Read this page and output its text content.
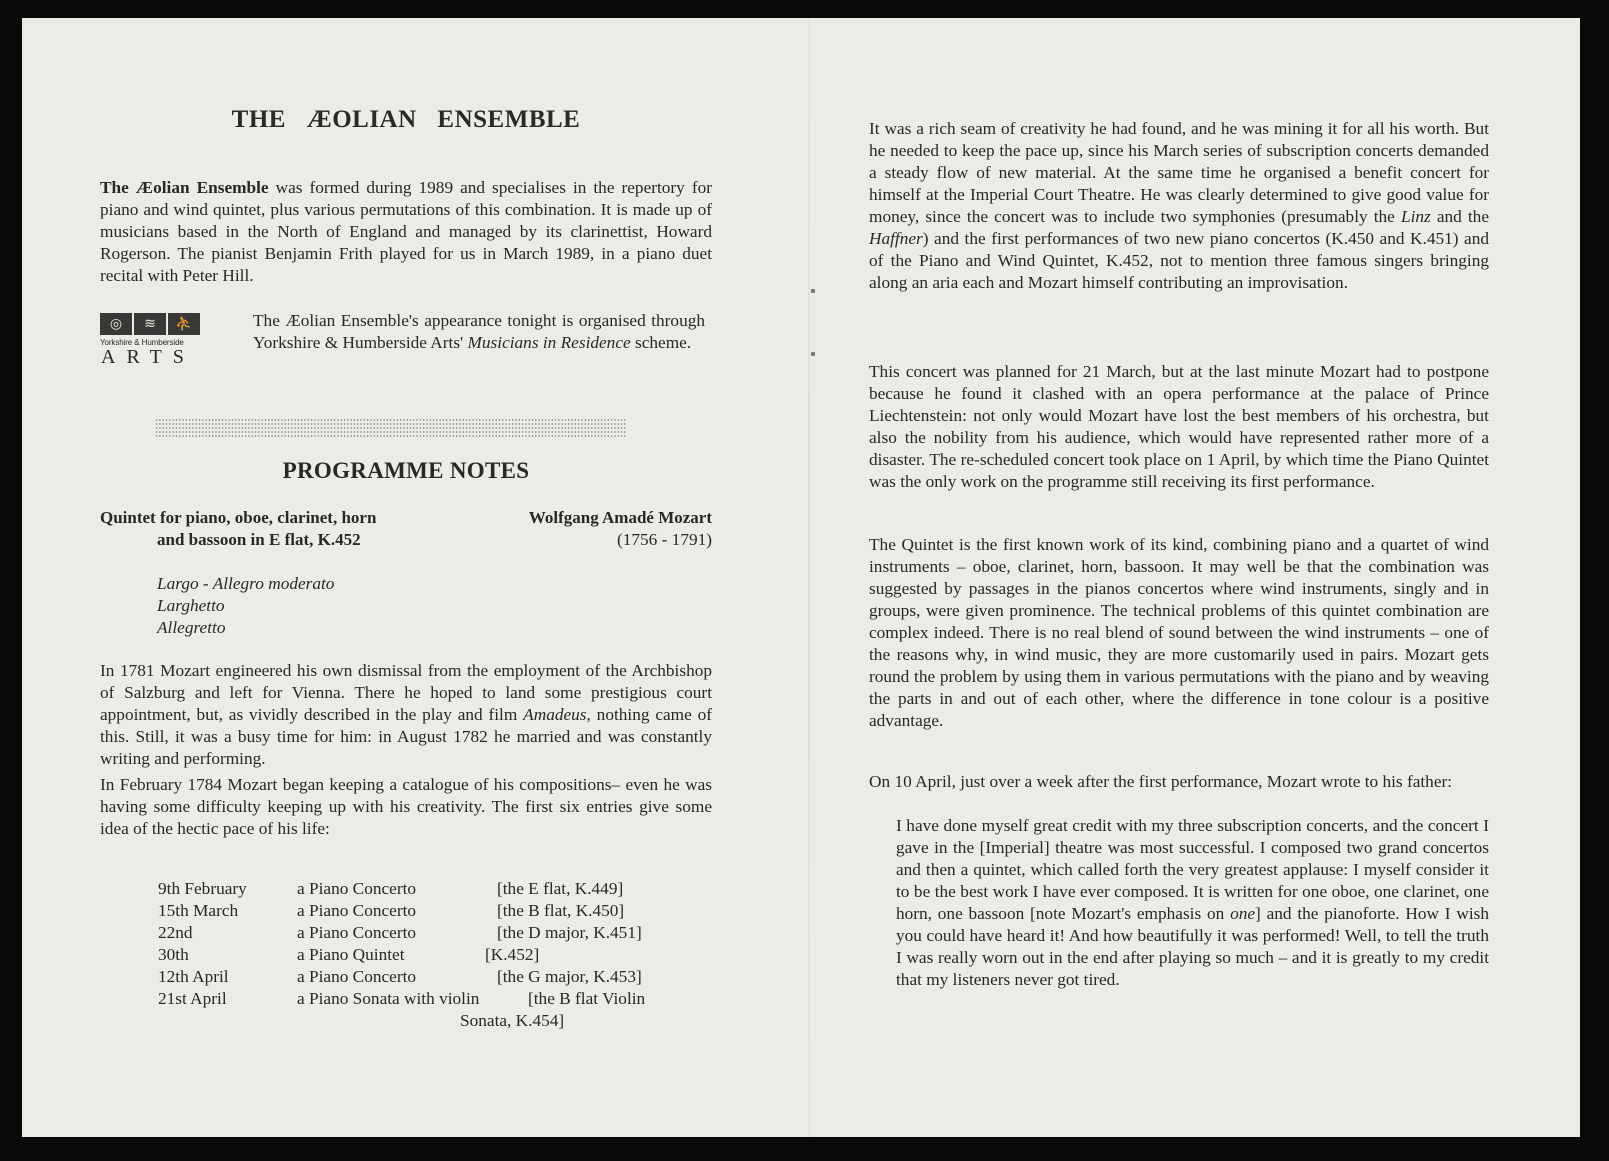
THE ÆOLIAN ENSEMBLE

The Æolian Ensemble was formed during 1989 and specialises in the repertory for piano and wind quintet, plus various permutations of this combination. It is made up of musicians based in the North of England and managed by its clarinettist, Howard Rogerson. The pianist Benjamin Frith played for us in March 1989, in a piano duet recital with Peter Hill.

◎	≋	⛹
Yorkshire & Humberside
ARTS

The Æolian Ensemble's appearance tonight is organised through Yorkshire & Humberside Arts' Musicians in Residence scheme.

PROGRAMME NOTES
Quintet for piano, oboe, clarinet, horn
and bassoon in E flat, K.452
Wolfgang Amadé Mozart
(1756 - 1791)
Largo - Allegro moderato
Larghetto
Allegretto

In 1781 Mozart engineered his own dismissal from the employment of the Archbishop of Salzburg and left for Vienna. There he hoped to land some prestigious court appointment, but, as vividly described in the play and film Amadeus, nothing came of this. Still, it was a busy time for him: in August 1782 he married and was constantly writing and performing.

In February 1784 Mozart began keeping a catalogue of his compositions– even he was having some difficulty keeping up with his creativity. The first six entries give some idea of the hectic pace of his life:

9th February	a Piano Concerto	[the E flat, K.449]
15th March	a Piano Concerto	[the B flat, K.450]
22nd	a Piano Concerto	[the D major, K.451]
30th	a Piano Quintet	[K.452]
12th April	a Piano Concerto	[the G major, K.453]
21st April	a Piano Sonata with violin	[the B flat Violin
Sonata, K.454]

It was a rich seam of creativity he had found, and he was mining it for all his worth. But he needed to keep the pace up, since his March series of subscription concerts demanded a steady flow of new material. At the same time he organised a benefit concert for himself at the Imperial Court Theatre. He was clearly determined to give good value for money, since the concert was to include two symphonies (presumably the Linz and the Haffner) and the first performances of two new piano concertos (K.450 and K.451) and of the Piano and Wind Quintet, K.452, not to mention three famous singers bringing along an aria each and Mozart himself contributing an improvisation.

This concert was planned for 21 March, but at the last minute Mozart had to postpone because he found it clashed with an opera performance at the palace of Prince Liechtenstein: not only would Mozart have lost the best members of his orchestra, but also the nobility from his audience, which would have represented rather more of a disaster. The re-scheduled concert took place on 1 April, by which time the Piano Quintet was the only work on the programme still receiving its first performance.

The Quintet is the first known work of its kind, combining piano and a quartet of wind instruments – oboe, clarinet, horn, bassoon. It may well be that the combination was suggested by passages in the pianos concertos where wind instruments, singly and in groups, were given prominence. The technical problems of this quintet combination are complex indeed. There is no real blend of sound between the wind instruments – one of the reasons why, in wind music, they are more customarily used in pairs. Mozart gets round the problem by using them in various permutations with the piano and by weaving the parts in and out of each other, where the difference in tone colour is a positive advantage.

On 10 April, just over a week after the first performance, Mozart wrote to his father:

I have done myself great credit with my three subscription concerts, and the concert I gave in the [Imperial] theatre was most successful. I composed two grand concertos and then a quintet, which called forth the very greatest applause: I myself consider it to be the best work I have ever composed. It is written for one oboe, one clarinet, one horn, one bassoon [note Mozart's emphasis on one] and the pianoforte. How I wish you could have heard it! And how beautifully it was performed! Well, to tell the truth I was really worn out in the end after playing so much – and it is greatly to my credit that my listeners never got tired.
